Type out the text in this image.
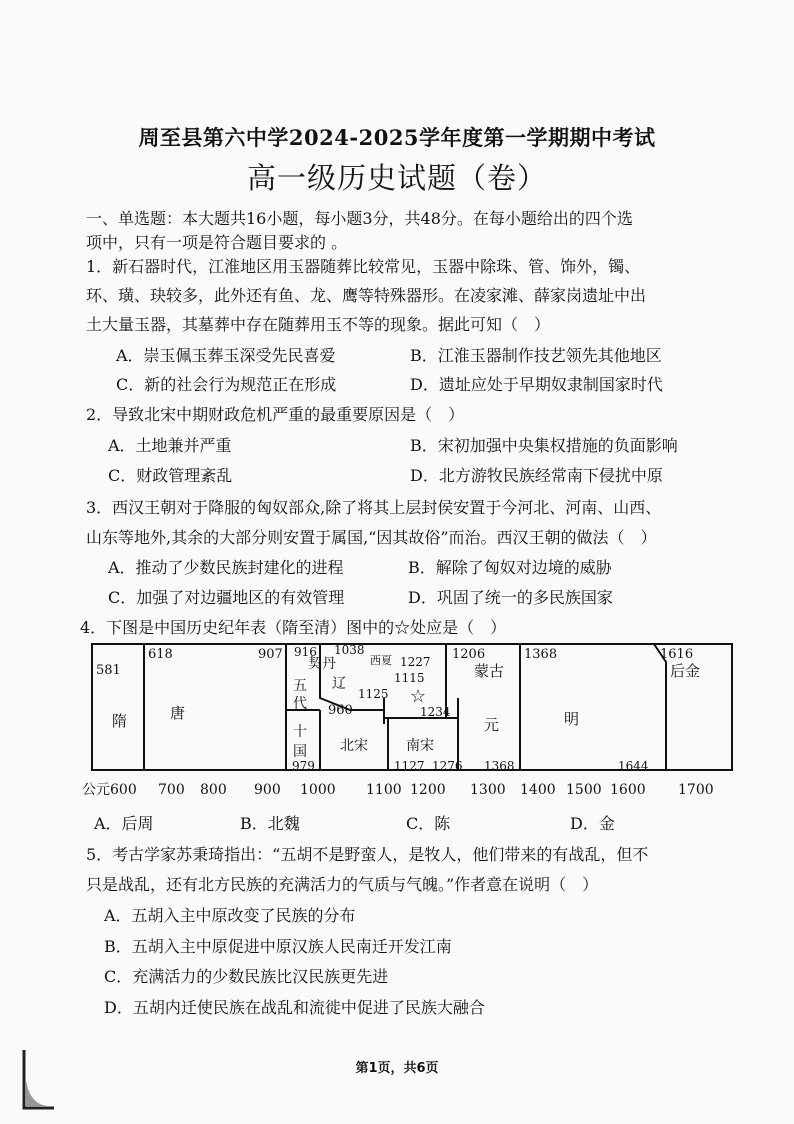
周至县第六中学2024-2025学年度第一学期期中考试
高一级历史试题（卷）
一、单选题：本大题共16小题，每小题3分，共48分。在每小题给出的四个选
项中，只有一项是符合题目要求的 。
1．新石器时代，江淮地区用玉器随葬比较常见，玉器中除珠、管、饰外，镯、
环、璜、玦较多，此外还有鱼、龙、鹰等特殊器形。在凌家滩、薛家岗遗址中出
土大量玉器，其墓葬中存在随葬用玉不等的现象。据此可知（　）
A．崇玉佩玉葬玉深受先民喜爱	B．江淮玉器制作技艺领先其他地区
C．新的社会行为规范正在形成	D．遗址应处于早期奴隶制国家时代
2．导致北宋中期财政危机严重的最重要原因是（　）
A．土地兼并严重	B．宋初加强中央集权措施的负面影响
C．财政管理紊乱	D．北方游牧民族经常南下侵扰中原
3．西汉王朝对于降服的匈奴部众,除了将其上层封侯安置于今河北、河南、山西、
山东等地外,其余的大部分则安置于属国,“因其故俗”而治。西汉王朝的做法（　）
A．推动了少数民族封建化的进程	B．解除了匈奴对边境的威胁
C．加强了对边疆地区的有效管理	D．巩固了统一的多民族国家
4．下图是中国历史纪年表（隋至清）图中的☆处应是（　）
隋	唐
五
代
十
国
契丹
辽
西夏
北宋	南宋
蒙古
元	明
后金
☆
581
618	907 916 1038
1227 1206	1368	1616
1115
1125
960	1234
979	1127 1276 1368	1644
公元600 700 800 900 1000 1100 1200 1300 1400 1500 1600 1700
A．后周	B．北魏	C．陈	D．金
5．考古学家苏秉琦指出：“五胡不是野蛮人，是牧人，他们带来的有战乱，但不
只是战乱，还有北方民族的充满活力的气质与气魄。”作者意在说明（　）
A．五胡入主中原改变了民族的分布
B．五胡入主中原促进中原汉族人民南迁开发江南
C．充满活力的少数民族比汉民族更先进
D．五胡内迁使民族在战乱和流徙中促进了民族大融合
第1页，共6页
